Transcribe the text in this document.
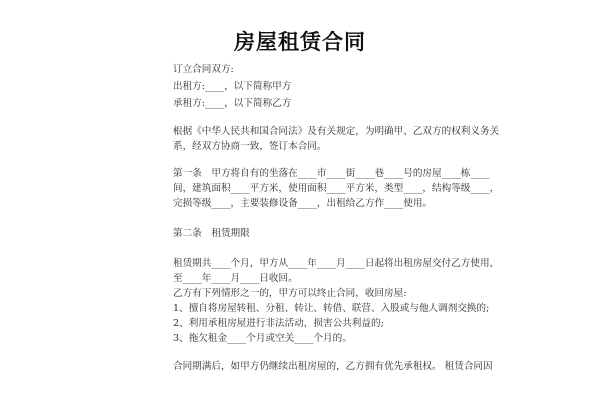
房屋租赁合同
订立合同双方:
出租方:____，以下简称甲方
承租方:____，以下简称乙方
根据《中华人民共和国合同法》及有关规定，为明确甲、乙双方的权利义务关
系，经双方协商一致，签订本合同。
第一条　甲方将自有的坐落在____市____街____巷____号的房屋____栋____
间，建筑面积____平方米，使用面积____平方米，类型____，结构等级____，
完损等级____，主要装修设备____，出租给乙方作____使用。
第二条　租赁期限
租赁期共____个月，甲方从____年____月____日起将出租房屋交付乙方使用，
至____年____月____日收回。
乙方有下列情形之一的，甲方可以终止合同，收回房屋:
1、擅自将房屋转租、分租、转让、转借、联营、入股或与他人调剂交换的;
2、利用承租房屋进行非法活动，损害公共利益的;
3、拖欠租金____个月或空关____个月的。
合同期满后，如甲方仍继续出租房屋的，乙方拥有优先承租权。 租赁合同因
